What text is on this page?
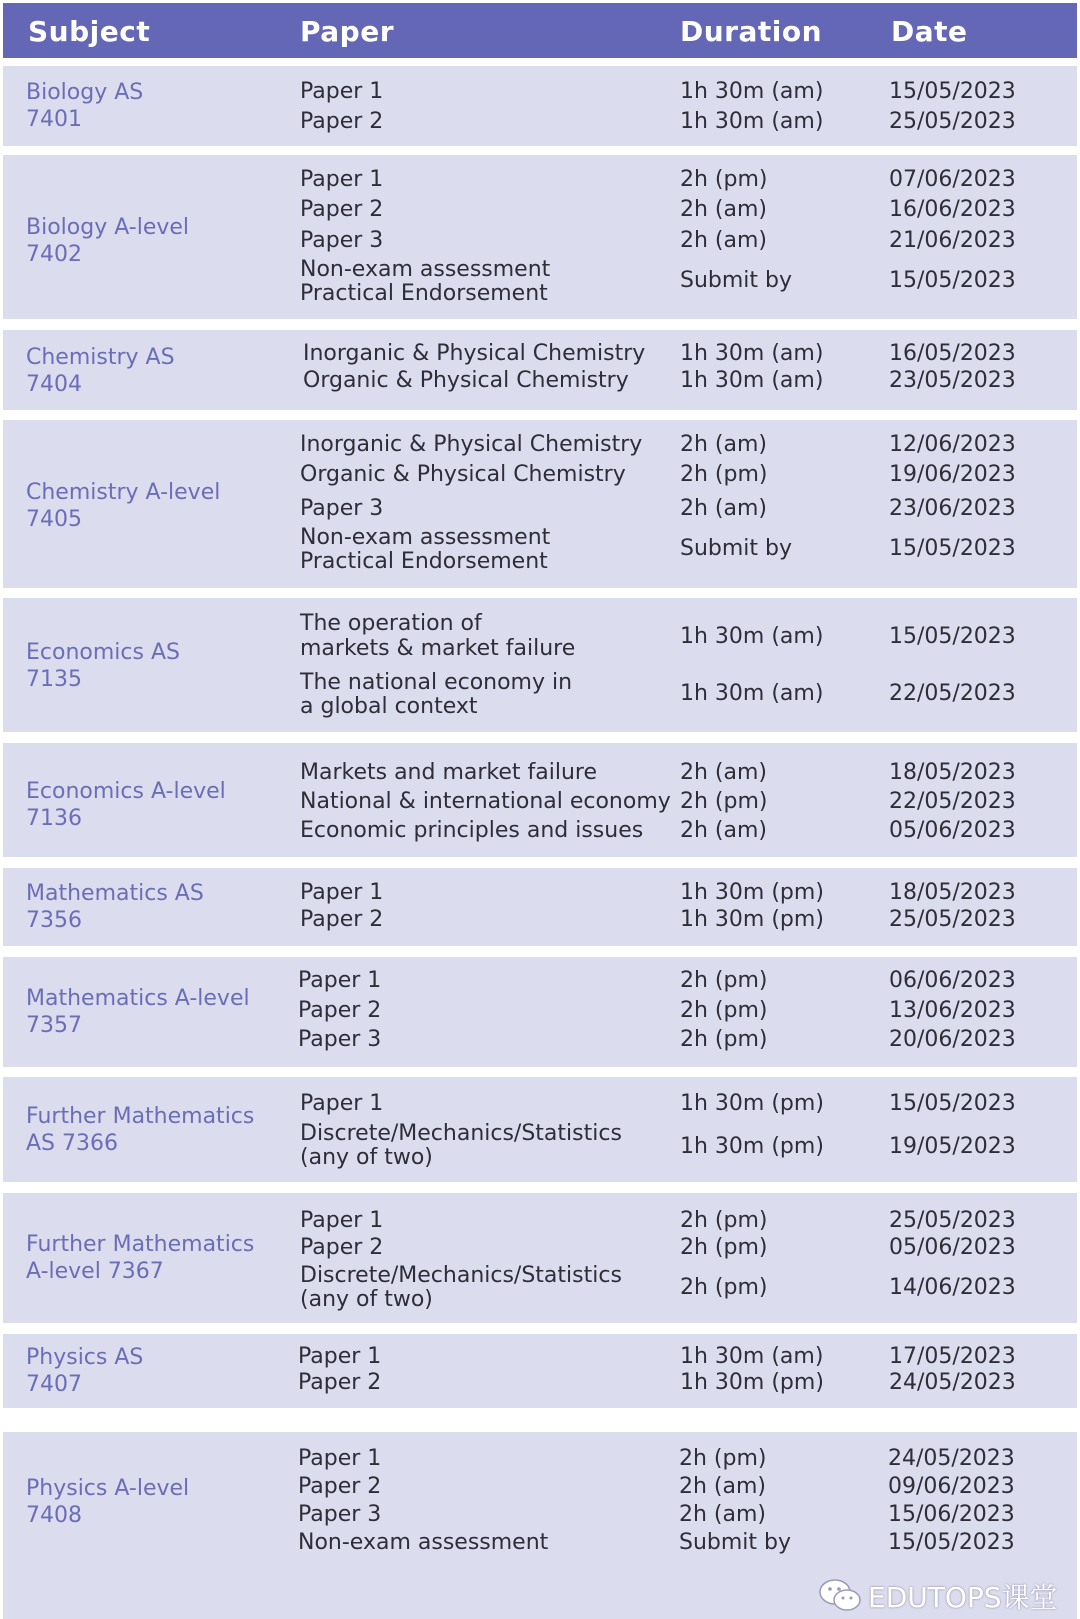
Subject	Paper	Duration Date
Biology AS
7401
Paper 1
Paper 2
1h 30m (am)
1h 30m (am)
15/05/2023
25/05/2023
Biology A-level
7402
Paper 1
Paper 2
Paper 3
Non-exam assessment
Practical Endorsement
2h (pm)
2h (am)
2h (am)
Submit by
07/06/2023
16/06/2023
21/06/2023
15/05/2023
Chemistry AS
7404
Inorganic & Physical Chemistry
Organic & Physical Chemistry
1h 30m (am)
1h 30m (am)
16/05/2023
23/05/2023
Chemistry A-level
7405
Inorganic & Physical Chemistry
Organic & Physical Chemistry
Paper 3
Non-exam assessment
Practical Endorsement
2h (am)
2h (pm)
2h (am)
Submit by
12/06/2023
19/06/2023
23/06/2023
15/05/2023
Economics AS
7135
The operation of
markets & market failure
The national economy in
a global context
1h 30m (am)
1h 30m (am)
15/05/2023
22/05/2023
Economics A-level
7136
Markets and market failure
National & international economy
Economic principles and issues
2h (am)
2h (pm)
2h (am)
18/05/2023
22/05/2023
05/06/2023
Mathematics AS
7356
Paper 1
Paper 2
1h 30m (pm)
1h 30m (pm)
18/05/2023
25/05/2023
Mathematics A-level
7357
Paper 1
Paper 2
Paper 3
2h (pm)
2h (pm)
2h (pm)
06/06/2023
13/06/2023
20/06/2023
Further Mathematics
AS 7366
Paper 1
Discrete/Mechanics/Statistics
(any of two)
1h 30m (pm)
1h 30m (pm)
15/05/2023
19/05/2023
Further Mathematics
A-level 7367
Paper 1
Paper 2
Discrete/Mechanics/Statistics
(any of two)
2h (pm)
2h (pm)
2h (pm)
25/05/2023
05/06/2023
14/06/2023
Physics AS
7407
Paper 1
Paper 2
1h 30m (am)
1h 30m (pm)
17/05/2023
24/05/2023
Physics A-level
7408
Paper 1
Paper 2
Paper 3
Non-exam assessment
2h (pm)
2h (am)
2h (am)
Submit by
24/05/2023
09/06/2023
15/06/2023
15/05/2023
EDUTOPS课堂
